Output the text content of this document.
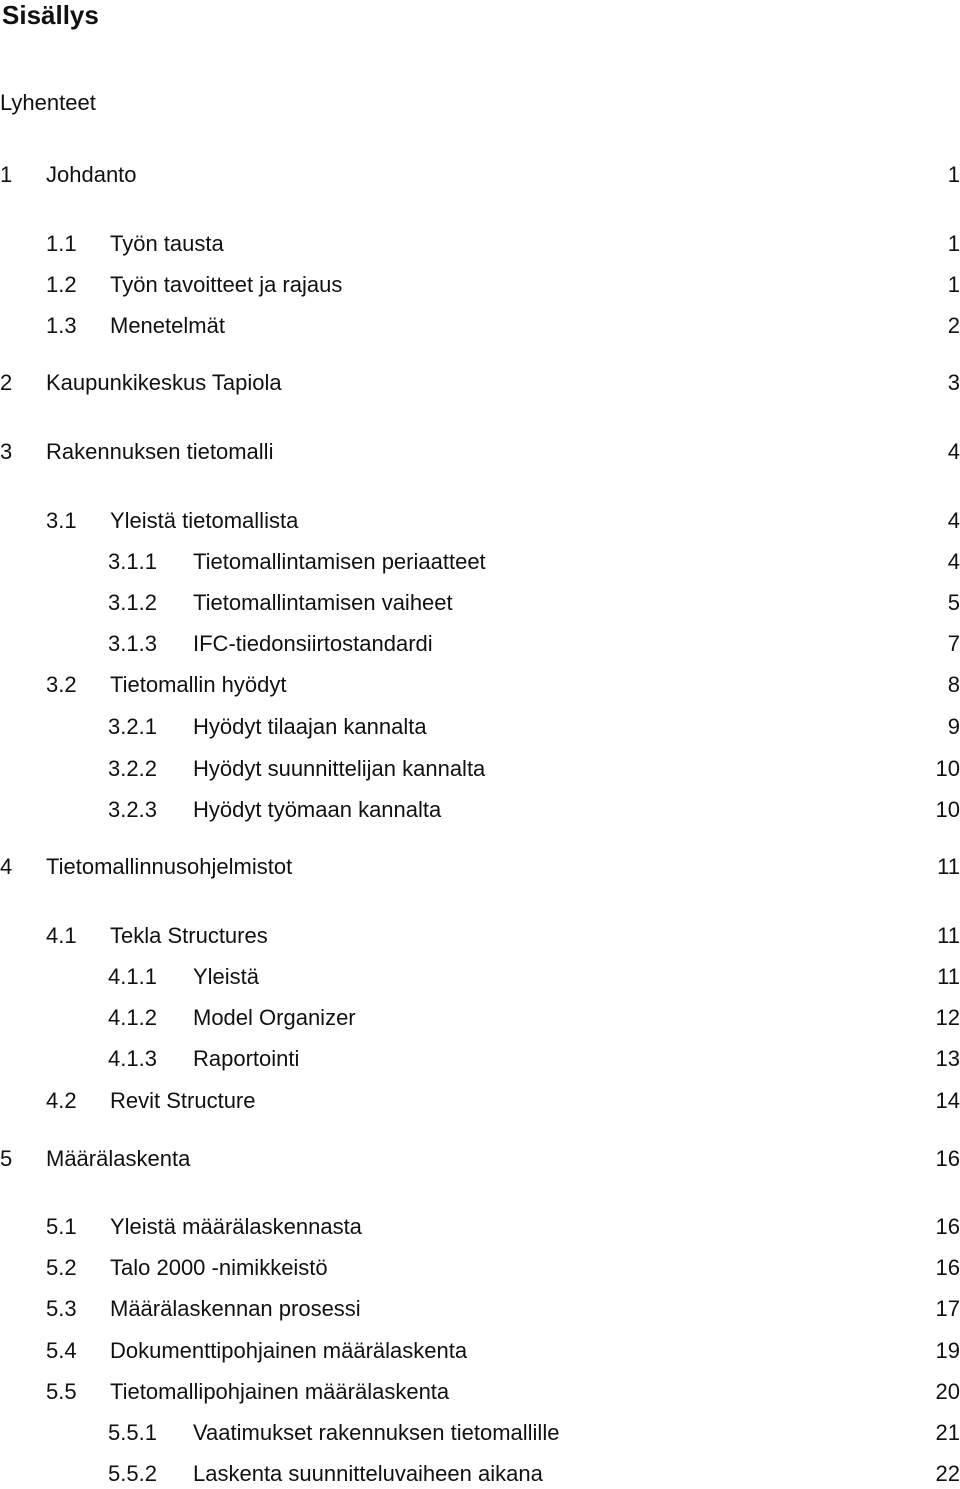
Sisällys
Lyhenteet
1 Johdanto	1
1.1 Työn tausta	1
1.2 Työn tavoitteet ja rajaus	1
1.3 Menetelmät	2
2 Kaupunkikeskus Tapiola	3
3 Rakennuksen tietomalli	4
3.1 Yleistä tietomallista	4
3.1.1 Tietomallintamisen periaatteet	4
3.1.2 Tietomallintamisen vaiheet	5
3.1.3 IFC-tiedonsiirtostandardi	7
3.2 Tietomallin hyödyt	8
3.2.1 Hyödyt tilaajan kannalta	9
3.2.2 Hyödyt suunnittelijan kannalta	10
3.2.3 Hyödyt työmaan kannalta	10
4 Tietomallinnusohjelmistot	11
4.1 Tekla Structures	11
4.1.1 Yleistä	11
4.1.2 Model Organizer	12
4.1.3 Raportointi	13
4.2 Revit Structure	14
5 Määrälaskenta	16
5.1 Yleistä määrälaskennasta	16
5.2 Talo 2000 -nimikkeistö	16
5.3 Määrälaskennan prosessi	17
5.4 Dokumenttipohjainen määrälaskenta	19
5.5 Tietomallipohjainen määrälaskenta	20
5.5.1 Vaatimukset rakennuksen tietomallille	21
5.5.2 Laskenta suunnitteluvaiheen aikana	22
